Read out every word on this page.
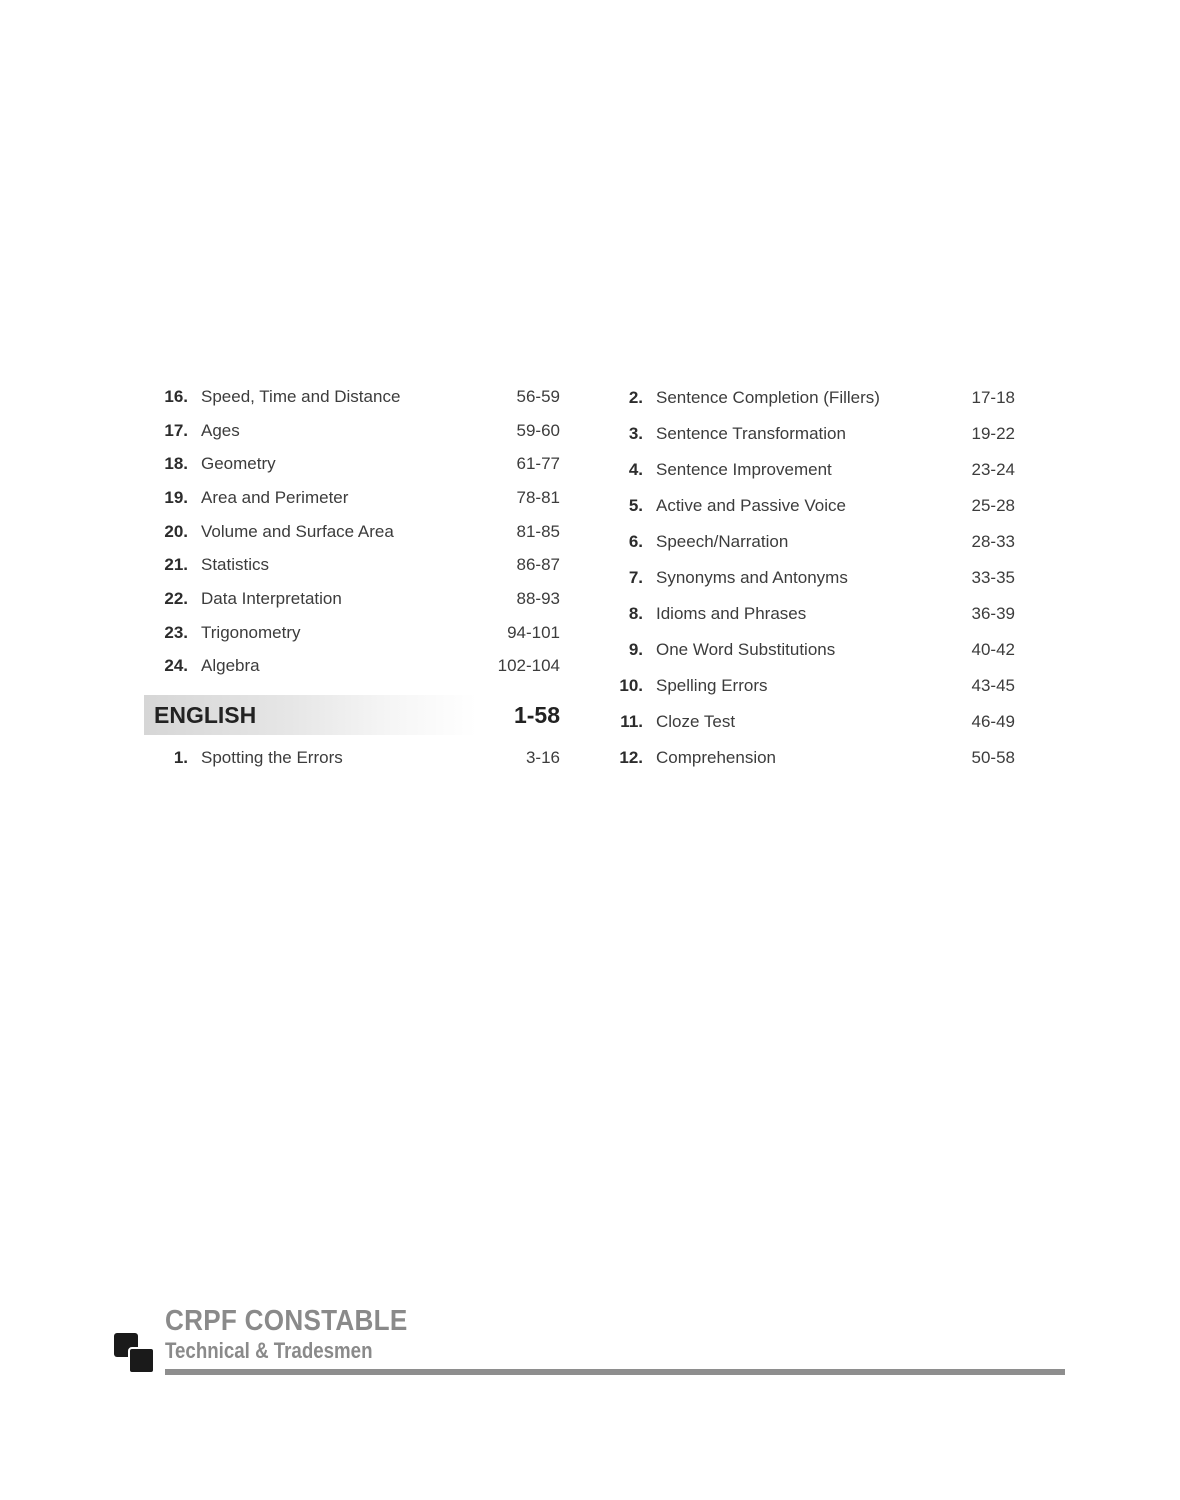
16. Speed, Time and Distance	56-59
17. Ages	59-60
18. Geometry	61-77
19. Area and Perimeter	78-81
20. Volume and Surface Area	81-85
21. Statistics	86-87
22. Data Interpretation	88-93
23. Trigonometry	94-101
24. Algebra	102-104
ENGLISH	1-58
1. Spotting the Errors	3-16
2. Sentence Completion (Fillers)	17-18
3. Sentence Transformation	19-22
4. Sentence Improvement	23-24
5. Active and Passive Voice	25-28
6. Speech/Narration	28-33
7. Synonyms and Antonyms	33-35
8. Idioms and Phrases	36-39
9. One Word Substitutions	40-42
10. Spelling Errors	43-45
11. Cloze Test	46-49
12. Comprehension	50-58
CRPF CONSTABLE
Technical & Tradesmen
